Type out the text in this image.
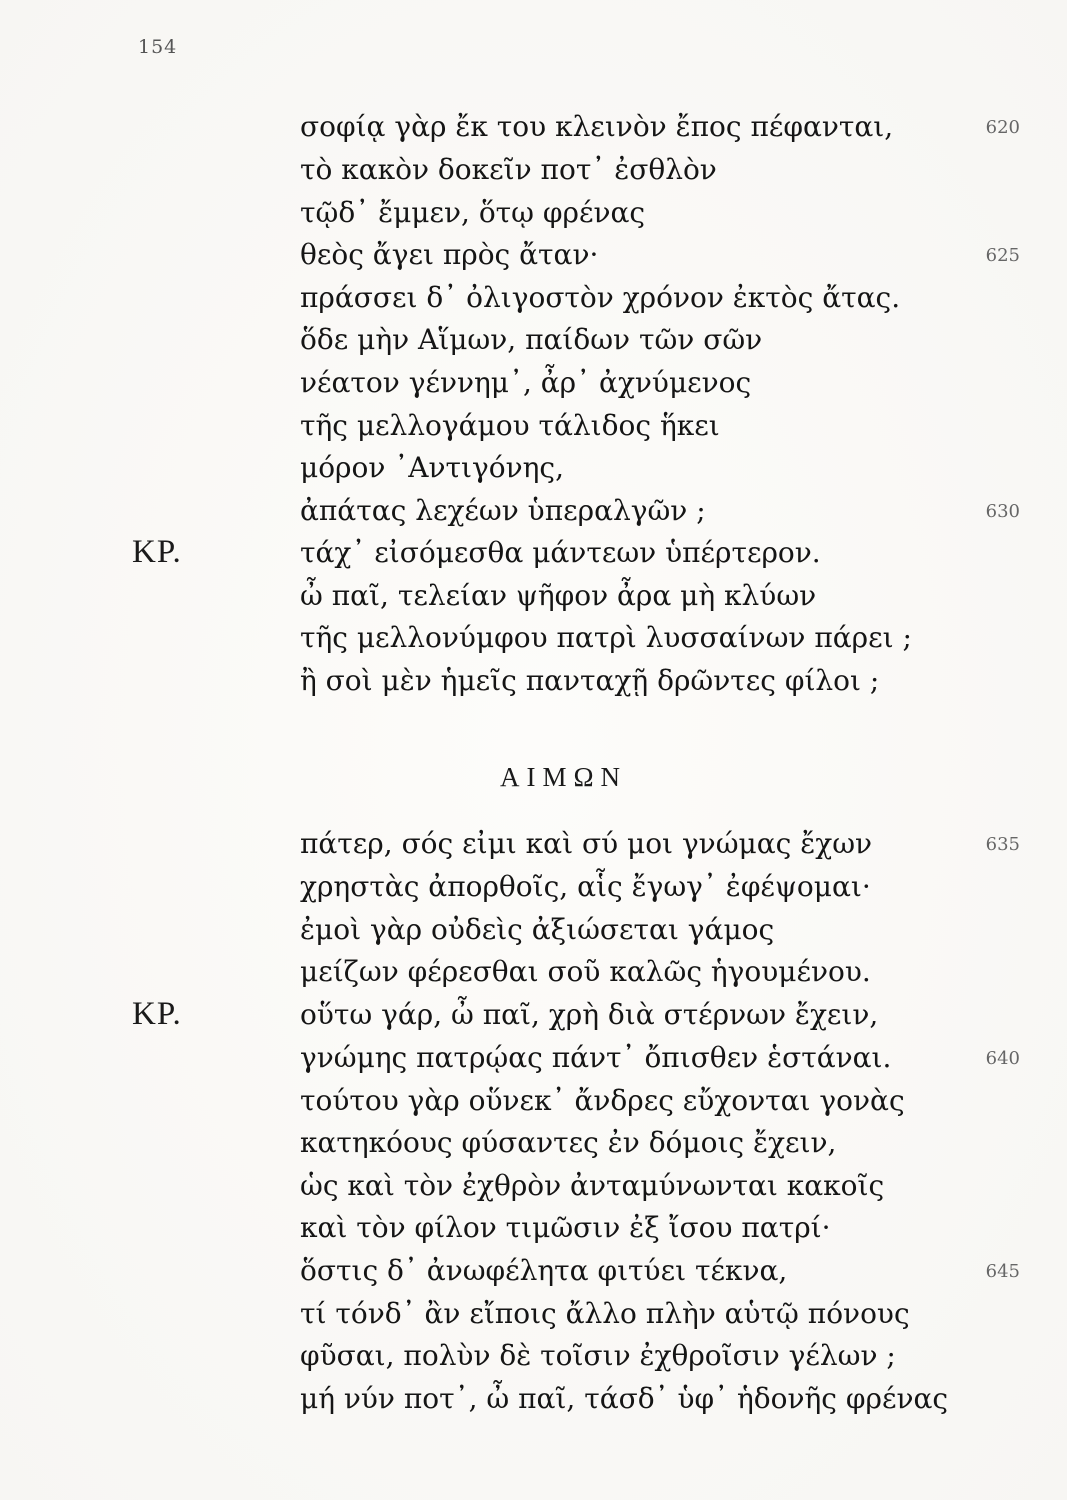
154
σοφίᾳ γὰρ ἔκ του κλεινὸν ἔπος πέφανται,	620
τὸ κακὸν δοκεῖν ποτ᾽ ἐσθλὸν
τῷδ᾽ ἔμμεν, ὅτῳ φρένας
θεὸς ἄγει πρὸς ἄταν·	625
πράσσει δ᾽ ὀλιγοστὸν χρόνον ἐκτὸς ἄτας.
ὅδε μὴν Αἵμων, παίδων τῶν σῶν
νέατον γέννημ᾽, ἆρ᾽ ἀχνύμενος
τῆς μελλογάμου τάλιδος ἥκει
μόρον ᾽Αντιγόνης,
ἀπάτας λεχέων ὑπεραλγῶν ;	630
ΚΡ.	τάχ᾽ εἰσόμεσθα μάντεων ὑπέρτερον.
ὦ παῖ, τελείαν ψῆφον ἆρα μὴ κλύων
τῆς μελλονύμφου πατρὶ λυσσαίνων πάρει ;
ἢ σοὶ μὲν ἡμεῖς πανταχῇ δρῶντες φίλοι ;
ΑΙΜΩΝ
πάτερ, σός εἰμι καὶ σύ μοι γνώμας ἔχων	635
χρηστὰς ἀπορθοῖς, αἷς ἔγωγ᾽ ἐφέψομαι·
ἐμοὶ γὰρ οὐδεὶς ἀξιώσεται γάμος
μείζων φέρεσθαι σοῦ καλῶς ἡγουμένου.
ΚΡ.	οὕτω γάρ, ὦ παῖ, χρὴ διὰ στέρνων ἔχειν,
γνώμης πατρῴας πάντ᾽ ὄπισθεν ἑστάναι.	640
τούτου γὰρ οὕνεκ᾽ ἄνδρες εὔχονται γονὰς
κατηκόους φύσαντες ἐν δόμοις ἔχειν,
ὡς καὶ τὸν ἐχθρὸν ἀνταμύνωνται κακοῖς
καὶ τὸν φίλον τιμῶσιν ἐξ ἴσου πατρί·
ὅστις δ᾽ ἀνωφέλητα φιτύει τέκνα,	645
τί τόνδ᾽ ἂν εἴποις ἄλλο πλὴν αὑτῷ πόνους
φῦσαι, πολὺν δὲ τοῖσιν ἐχθροῖσιν γέλων ;
μή νύν ποτ᾽, ὦ παῖ, τάσδ᾽ ὑφ᾽ ἡδονῆς φρένας
